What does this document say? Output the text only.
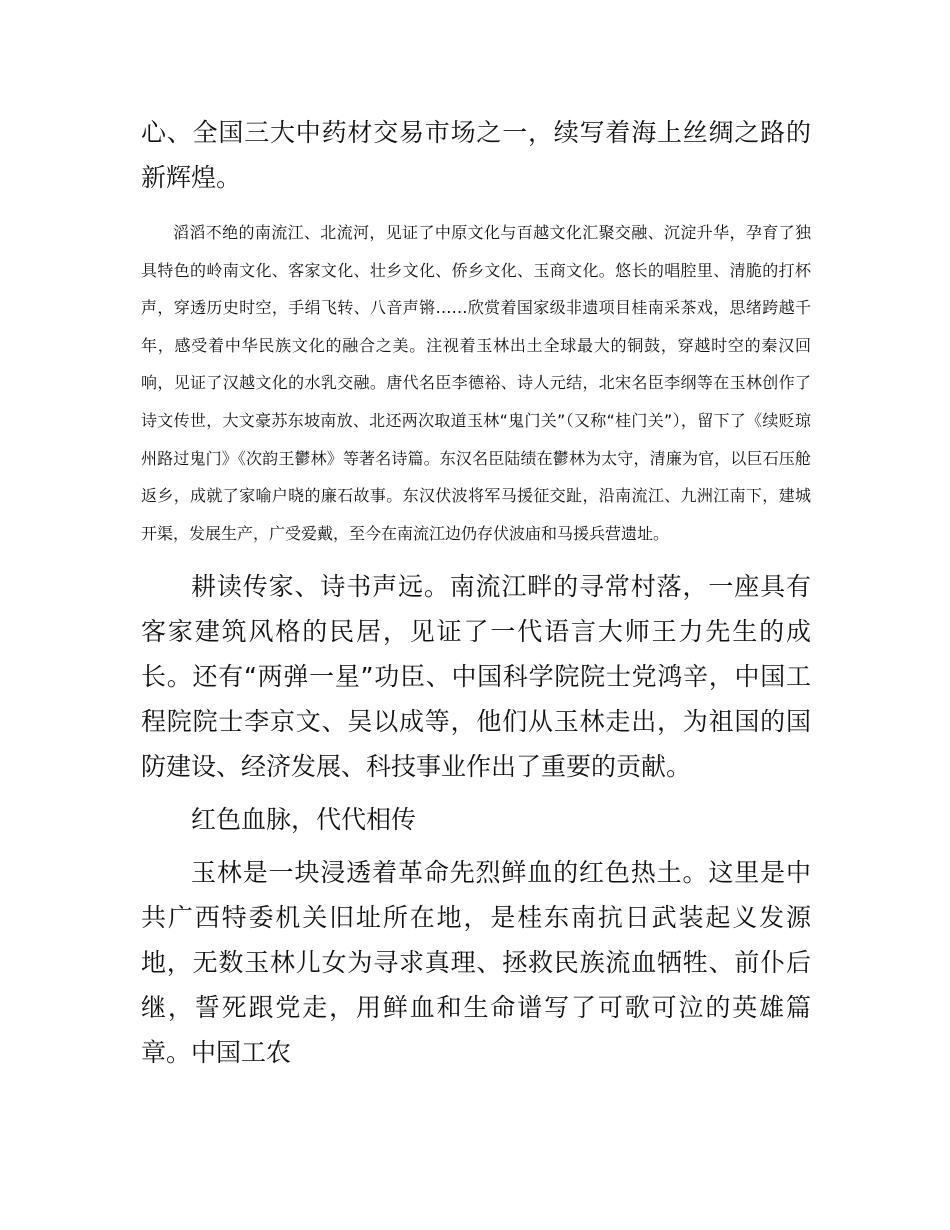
心、全国三大中药材交易市场之一，续写着海上丝绸之路的新辉煌。

滔滔不绝的南流江、北流河，见证了中原文化与百越文化汇聚交融、沉淀升华，孕育了独具特色的岭南文化、客家文化、壮乡文化、侨乡文化、玉商文化。悠长的唱腔里、清脆的打杯声，穿透历史时空，手绢飞转、八音声锵……欣赏着国家级非遗项目桂南采茶戏，思绪跨越千年，感受着中华民族文化的融合之美。注视着玉林出土全球最大的铜鼓，穿越时空的秦汉回响，见证了汉越文化的水乳交融。唐代名臣李德裕、诗人元结，北宋名臣李纲等在玉林创作了诗文传世，大文豪苏东坡南放、北还两次取道玉林“鬼门关”（又称“桂门关”），留下了《续贬琼州路过鬼门》《次韵王鬱林》等著名诗篇。东汉名臣陆绩在鬱林为太守，清廉为官，以巨石压舱返乡，成就了家喻户晓的廉石故事。东汉伏波将军马援征交趾，沿南流江、九洲江南下，建城开渠，发展生产，广受爱戴，至今在南流江边仍存伏波庙和马援兵营遗址。

耕读传家、诗书声远。南流江畔的寻常村落，一座具有客家建筑风格的民居，见证了一代语言大师王力先生的成长。还有“两弹一星”功臣、中国科学院院士党鸿辛，中国工程院院士李京文、吴以成等，他们从玉林走出，为祖国的国防建设、经济发展、科技事业作出了重要的贡献。

红色血脉，代代相传

玉林是一块浸透着革命先烈鲜血的红色热土。这里是中共广西特委机关旧址所在地，是桂东南抗日武装起义发源地，无数玉林儿女为寻求真理、拯救民族流血牺牲、前仆后继，誓死跟党走，用鲜血和生命谱写了可歌可泣的英雄篇章。中国工农
